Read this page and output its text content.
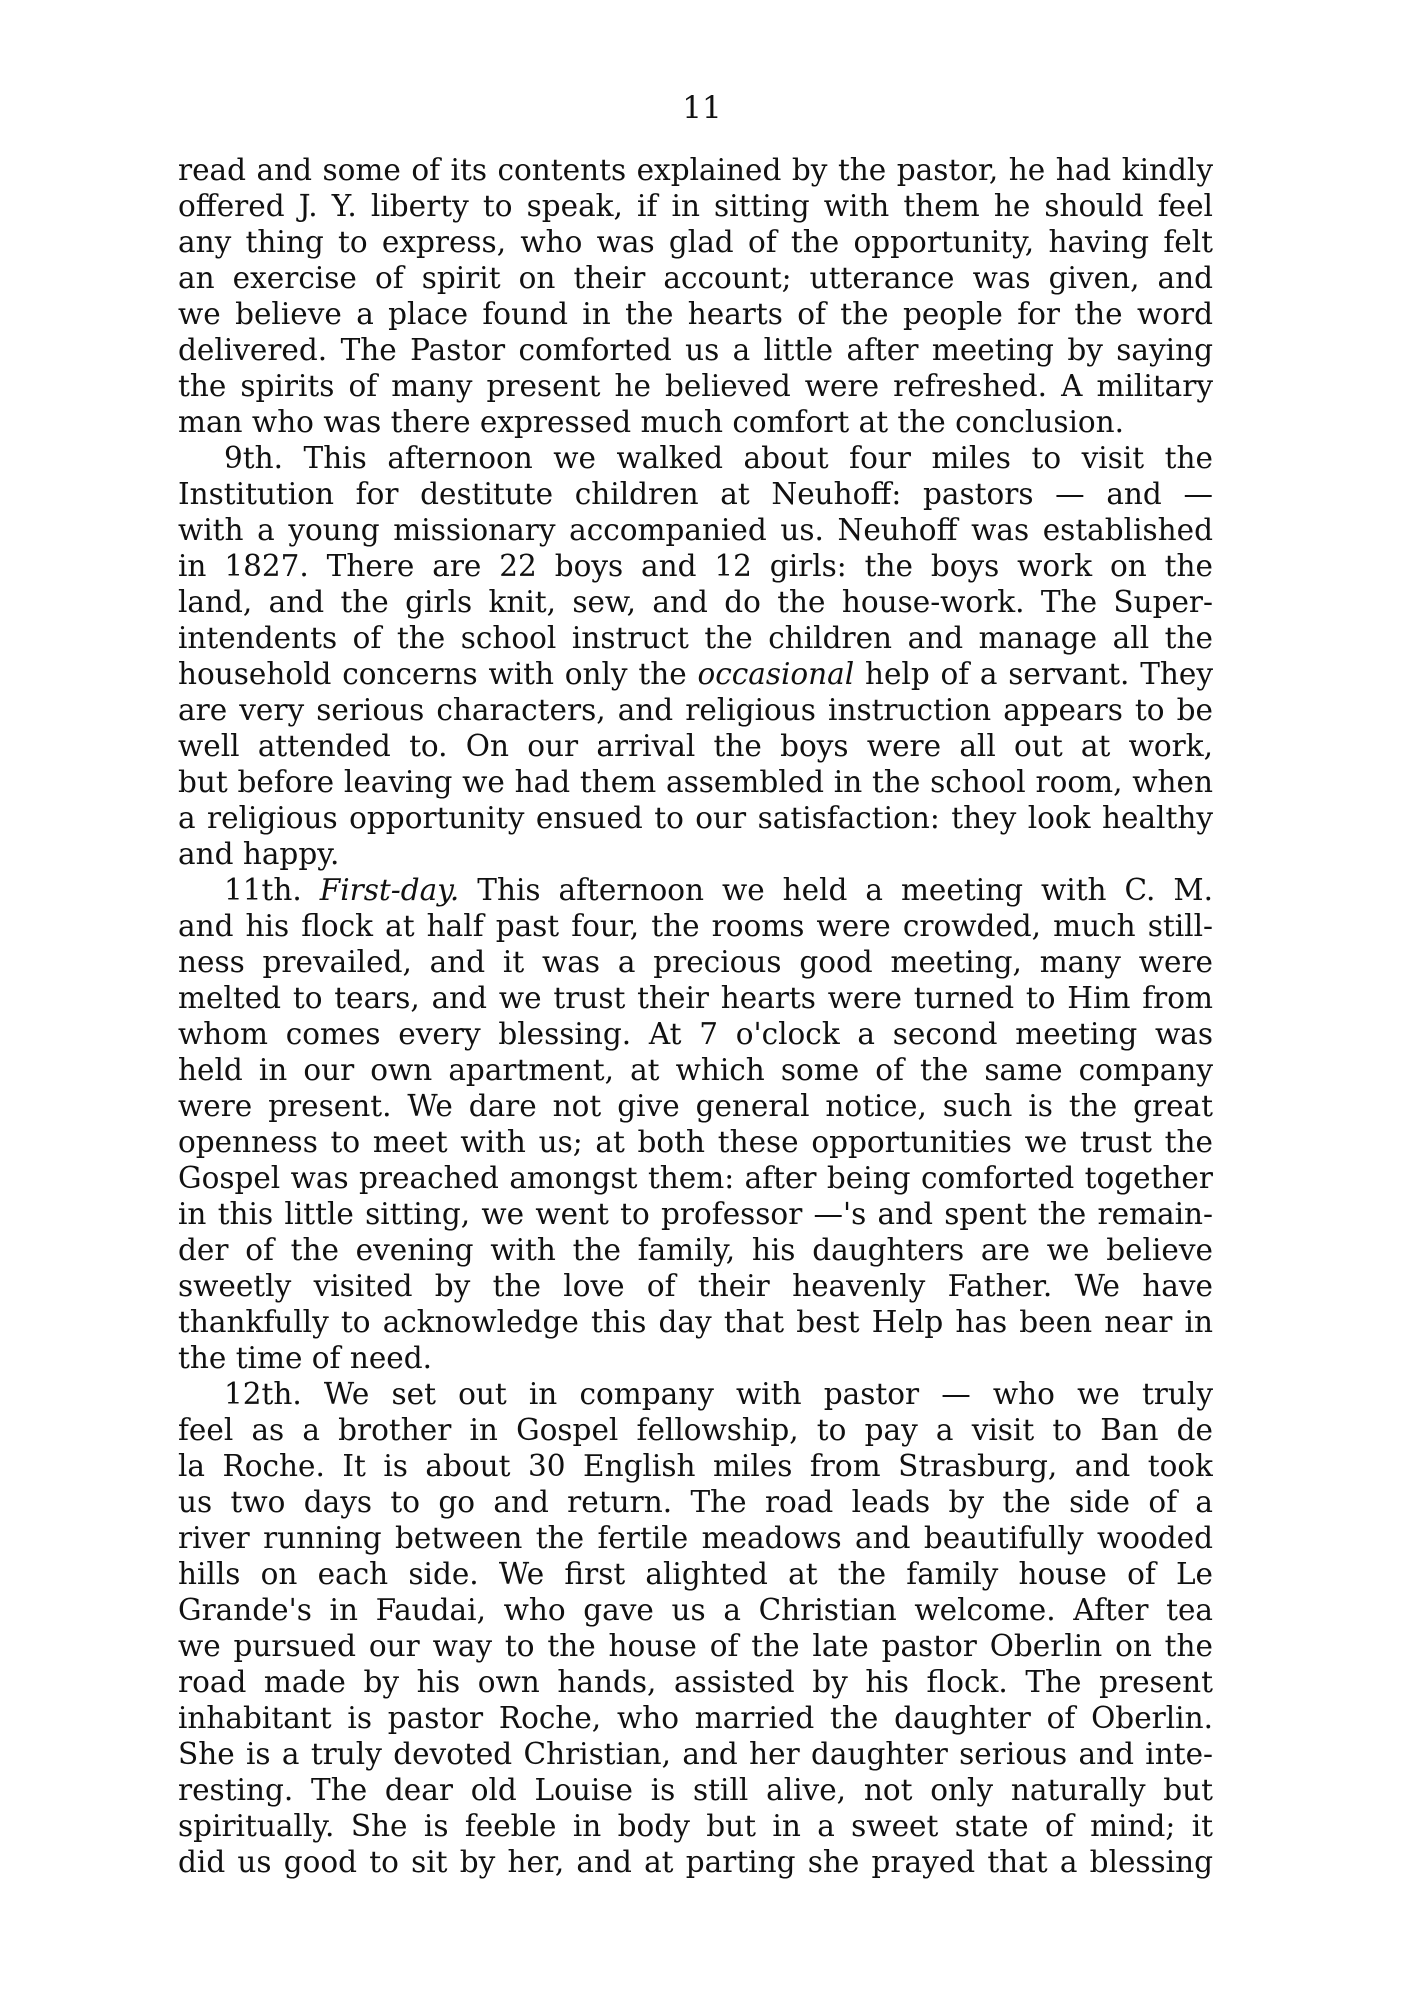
11
read and some of its contents explained by the pastor, he had kindly
offered J. Y. liberty to speak, if in sitting with them he should feel
any thing to express, who was glad of the opportunity, having felt
an exercise of spirit on their account; utterance was given, and
we believe a place found in the hearts of the people for the word
delivered. The Pastor comforted us a little after meeting by saying
the spirits of many present he believed were refreshed. A military
man who was there expressed much comfort at the conclusion.
9th. This afternoon we walked about four miles to visit the
Institution for destitute children at Neuhoff: pastors — and —
with a young missionary accompanied us. Neuhoff was established
in 1827. There are 22 boys and 12 girls: the boys work on the
land, and the girls knit, sew, and do the house-work. The Super-
intendents of the school instruct the children and manage all the
household concerns with only the occasional help of a servant. They
are very serious characters, and religious instruction appears to be
well attended to. On our arrival the boys were all out at work,
but before leaving we had them assembled in the school room, when
a religious opportunity ensued to our satisfaction: they look healthy
and happy.
11th. First-day. This afternoon we held a meeting with C. M.
and his flock at half past four, the rooms were crowded, much still-
ness prevailed, and it was a precious good meeting, many were
melted to tears, and we trust their hearts were turned to Him from
whom comes every blessing. At 7 o'clock a second meeting was
held in our own apartment, at which some of the same company
were present. We dare not give general notice, such is the great
openness to meet with us; at both these opportunities we trust the
Gospel was preached amongst them: after being comforted together
in this little sitting, we went to professor —'s and spent the remain-
der of the evening with the family, his daughters are we believe
sweetly visited by the love of their heavenly Father. We have
thankfully to acknowledge this day that best Help has been near in
the time of need.
12th. We set out in company with pastor — who we truly
feel as a brother in Gospel fellowship, to pay a visit to Ban de
la Roche. It is about 30 English miles from Strasburg, and took
us two days to go and return. The road leads by the side of a
river running between the fertile meadows and beautifully wooded
hills on each side. We first alighted at the family house of Le
Grande's in Faudai, who gave us a Christian welcome. After tea
we pursued our way to the house of the late pastor Oberlin on the
road made by his own hands, assisted by his flock. The present
inhabitant is pastor Roche, who married the daughter of Oberlin.
She is a truly devoted Christian, and her daughter serious and inte-
resting. The dear old Louise is still alive, not only naturally but
spiritually. She is feeble in body but in a sweet state of mind; it
did us good to sit by her, and at parting she prayed that a blessing
